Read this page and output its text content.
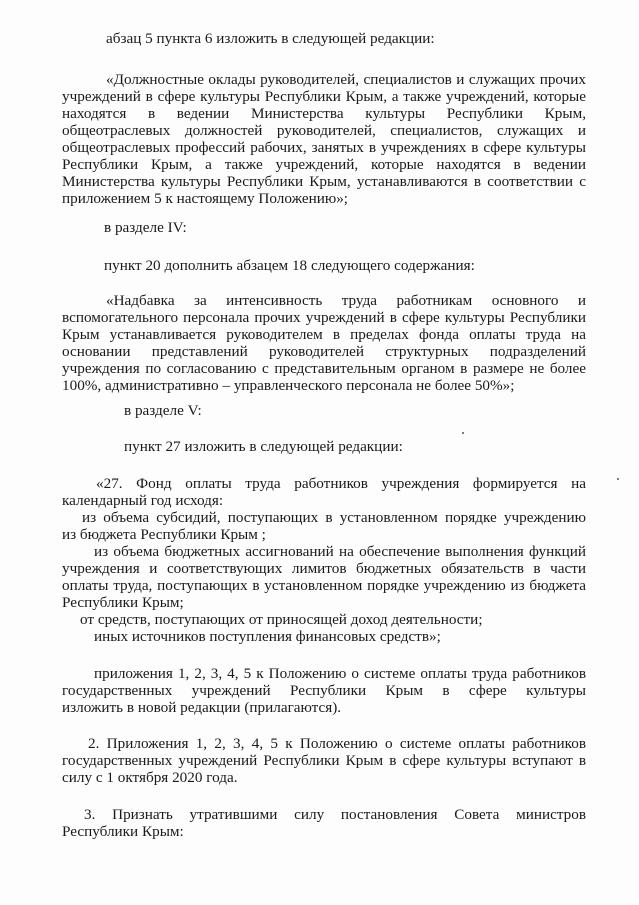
абзац 5 пункта 6 изложить в следующей редакции:
«Должностные оклады руководителей, специалистов и служащих прочих
учреждений в сфере культуры Республики Крым, а также учреждений, которые
находятся в ведении Министерства культуры Республики Крым,
общеотраслевых должностей руководителей, специалистов, служащих и
общеотраслевых профессий рабочих, занятых в учреждениях в сфере культуры
Республики Крым, а также учреждений, которые находятся в ведении
Министерства культуры Республики Крым, устанавливаются в соответствии с
приложением 5 к настоящему Положению»;
в разделе IV:
пункт 20 дополнить абзацем 18 следующего содержания:
«Надбавка за интенсивность труда работникам основного и
вспомогательного персонала прочих учреждений в сфере культуры Республики
Крым устанавливается руководителем в пределах фонда оплаты труда на
основании представлений руководителей структурных подразделений
учреждения по согласованию с представительным органом в размере не более
100%, административно – управленческого персонала не более 50%»;
в разделе V:
пункт 27 изложить в следующей редакции:
«27. Фонд оплаты труда работников учреждения формируется на
календарный год исходя:
из объема субсидий, поступающих в установленном порядке учреждению
из бюджета Республики Крым ;
из объема бюджетных ассигнований на обеспечение выполнения функций
учреждения и соответствующих лимитов бюджетных обязательств в части
оплаты труда, поступающих в установленном порядке учреждению из бюджета
Республики Крым;
от средств, поступающих от приносящей доход деятельности;
иных источников поступления финансовых средств»;
приложения 1, 2, 3, 4, 5 к Положению о системе оплаты труда работников
государственных учреждений Республики Крым в сфере культуры
изложить в новой редакции (прилагаются).
2. Приложения 1, 2, 3, 4, 5 к Положению о системе оплаты работников
государственных учреждений Республики Крым в сфере культуры вступают в
силу с 1 октября 2020 года.
3. Признать утратившими силу постановления Совета министров
Республики Крым:
